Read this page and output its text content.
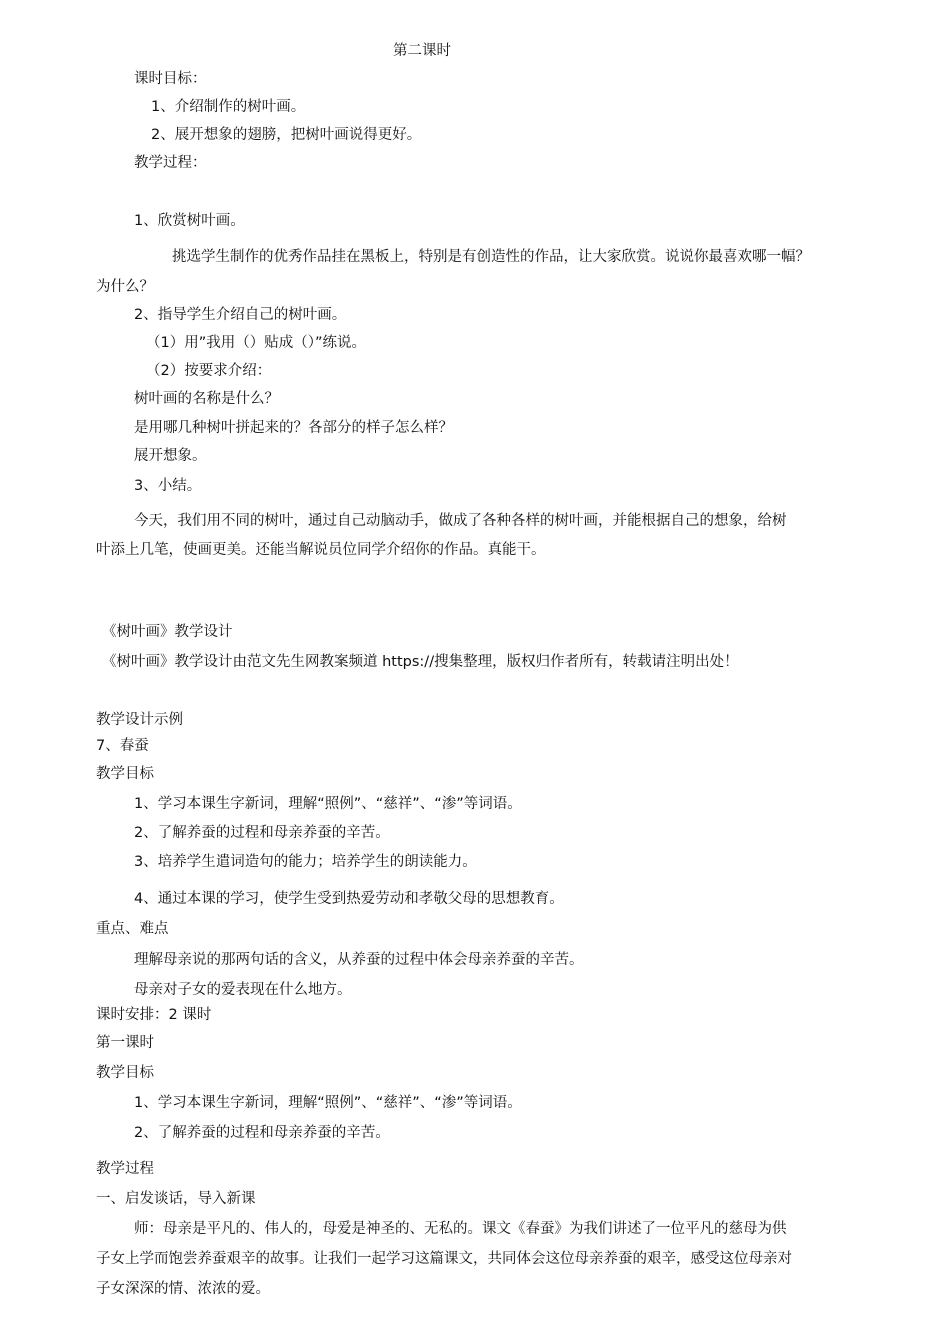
第二课时
课时目标：
1、介绍制作的树叶画。
2、展开想象的翅膀，把树叶画说得更好。
教学过程：
1、欣赏树叶画。
挑选学生制作的优秀作品挂在黑板上，特别是有创造性的作品，让大家欣赏。说说你最喜欢哪一幅？
为什么？
2、指导学生介绍自己的树叶画。
（1）用”我用（）贴成（）”练说。
（2）按要求介绍：
树叶画的名称是什么？
是用哪几种树叶拼起来的？各部分的样子怎么样？
展开想象。
3、小结。
今天，我们用不同的树叶，通过自己动脑动手，做成了各种各样的树叶画，并能根据自己的想象，给树
叶添上几笔，使画更美。还能当解说员位同学介绍你的作品。真能干。
《树叶画》教学设计
《树叶画》教学设计由范文先生网教案频道 https://搜集整理，版权归作者所有，转载请注明出处！
教学设计示例
7、春蚕
教学目标
1、学习本课生字新词，理解“照例”、“慈祥”、“渗”等词语。
2、了解养蚕的过程和母亲养蚕的辛苦。
3、培养学生遣词造句的能力；培养学生的朗读能力。
4、通过本课的学习，使学生受到热爱劳动和孝敬父母的思想教育。
重点、难点
理解母亲说的那两句话的含义，从养蚕的过程中体会母亲养蚕的辛苦。
母亲对子女的爱表现在什么地方。
课时安排：2 课时
第一课时
教学目标
1、学习本课生字新词，理解“照例”、“慈祥”、“渗”等词语。
2、了解养蚕的过程和母亲养蚕的辛苦。
教学过程
一、启发谈话，导入新课
师：母亲是平凡的、伟人的，母爱是神圣的、无私的。课文《春蚕》为我们讲述了一位平凡的慈母为供
子女上学而饱尝养蚕艰辛的故事。让我们一起学习这篇课文，共同体会这位母亲养蚕的艰辛，感受这位母亲对
子女深深的情、浓浓的爱。
